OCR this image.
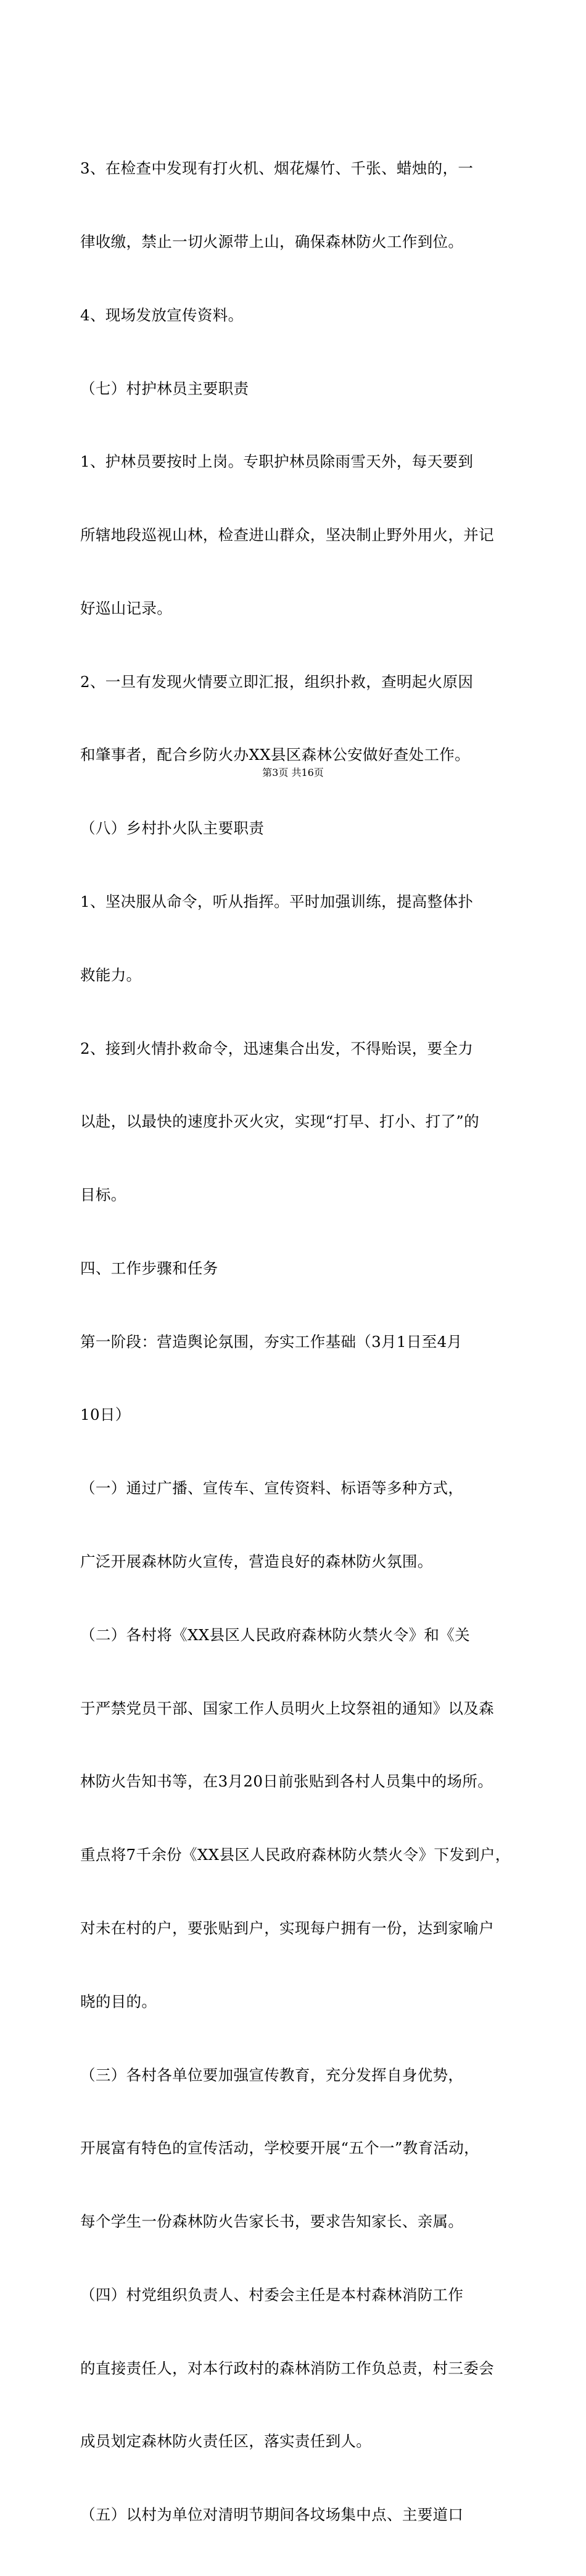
3、在检查中发现有打火机、烟花爆竹、千张、蜡烛的，一

律收缴，禁止一切火源带上山，确保森林防火工作到位。

4、现场发放宣传资料。

（七）村护林员主要职责

1、护林员要按时上岗。专职护林员除雨雪天外，每天要到

所辖地段巡视山林，检查进山群众，坚决制止野外用火，并记

好巡山记录。

2、一旦有发现火情要立即汇报，组织扑救，查明起火原因

和肇事者，配合乡防火办XX县区森林公安做好查处工作。

（八）乡村扑火队主要职责

1、坚决服从命令，听从指挥。平时加强训练，提高整体扑

救能力。

2、接到火情扑救命令，迅速集合出发，不得贻误，要全力

以赴，以最快的速度扑灭火灾，实现“打早、打小、打了”的

目标。

四、工作步骤和任务

第一阶段：营造舆论氛围，夯实工作基础（3月1日至4月

10日）

（一）通过广播、宣传车、宣传资料、标语等多种方式，

广泛开展森林防火宣传，营造良好的森林防火氛围。

（二）各村将《XX县区人民政府森林防火禁火令》和《关

于严禁党员干部、国家工作人员明火上坟祭祖的通知》以及森

林防火告知书等，在3月20日前张贴到各村人员集中的场所。

重点将7千余份《XX县区人民政府森林防火禁火令》下发到户，

对未在村的户，要张贴到户，实现每户拥有一份，达到家喻户

晓的目的。

（三）各村各单位要加强宣传教育，充分发挥自身优势，

开展富有特色的宣传活动，学校要开展“五个一”教育活动，

每个学生一份森林防火告家长书，要求告知家长、亲属。

（四）村党组织负责人、村委会主任是本村森林消防工作

的直接责任人，对本行政村的森林消防工作负总责，村三委会

成员划定森林防火责任区，落实责任到人。

（五）以村为单位对清明节期间各坟场集中点、主要道口

第3页 共16页
